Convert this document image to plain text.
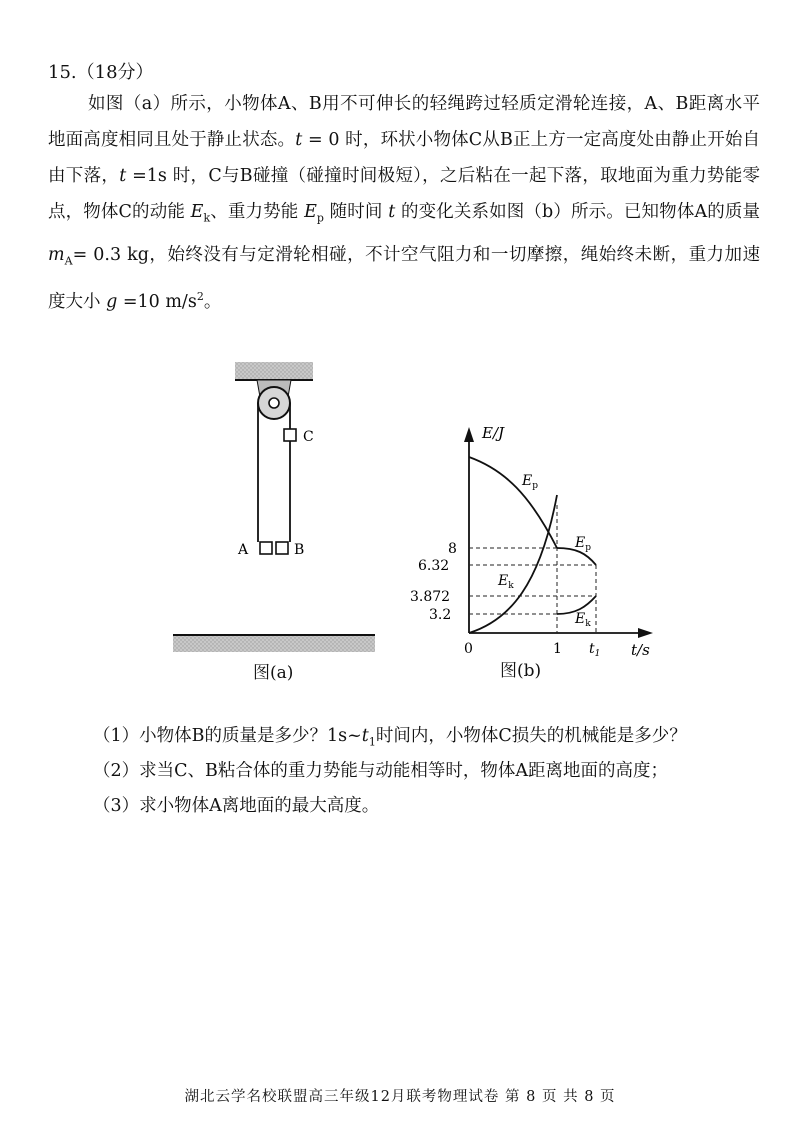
15.（18分）
如图（a）所示，小物体A、B用不可伸长的轻绳跨过轻质定滑轮连接，A、B距离水平地面高度相同且处于静止状态。t = 0 时，环状小物体C从B正上方一定高度处由静止开始自由下落，t =1s 时，C与B碰撞（碰撞时间极短），之后粘在一起下落，取地面为重力势能零点，物体C的动能 $E_k$、重力势能 $E_p$ 随时间 t 的变化关系如图（b）所示。已知物体A的质量 $m_A= 0.3$ kg，始终没有与定滑轮相碰，不计空气阻力和一切摩擦，绳始终未断，重力加速度大小 g =10 $m/s^2$。
C
A	B
图(a)
E/J
t/s
0	1 $t_1$
8
6.32
3.872
3.2
$E_p$
$E_k$
$E_p$
$E_k$
图(b)
（1）小物体B的质量是多少？$1s\sim t_1$时间内，小物体C损失的机械能是多少？
（2）求当C、B粘合体的重力势能与动能相等时，物体A距离地面的高度；
（3）求小物体A离地面的最大高度。
湖北云学名校联盟高三年级12月联考物理试卷 第 8 页 共 8 页
